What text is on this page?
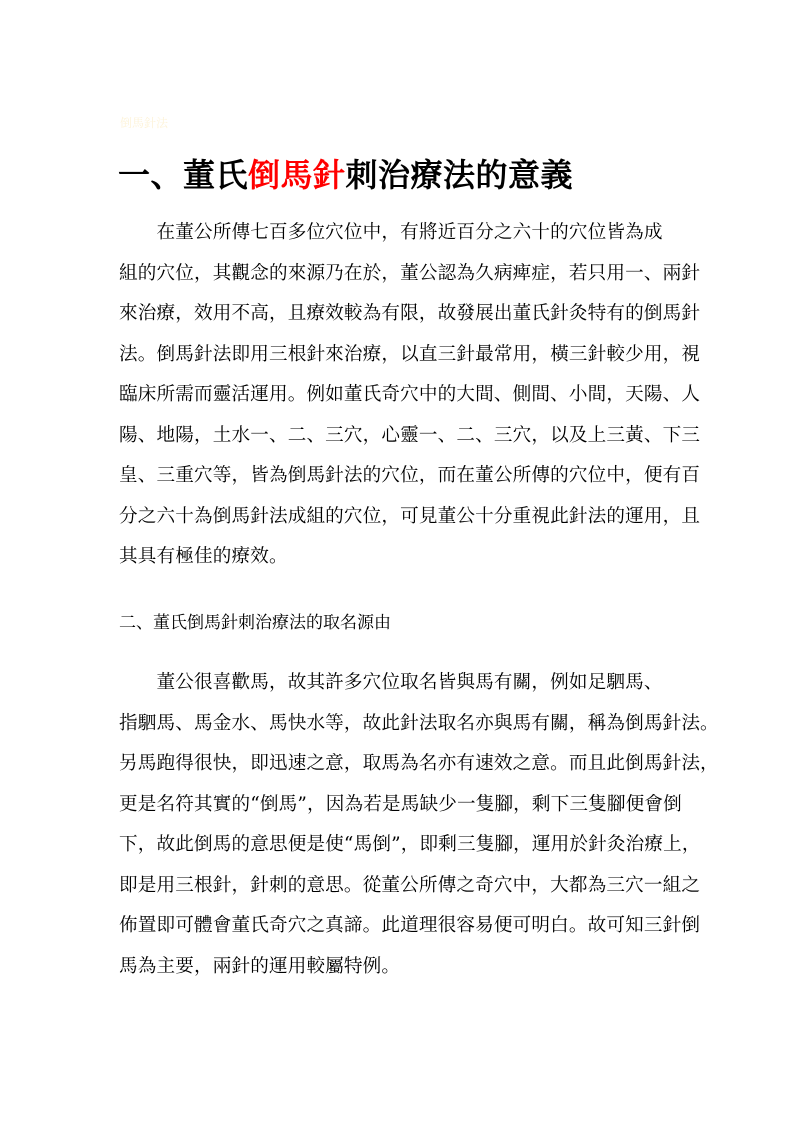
倒馬針法
一、董氏倒馬針刺治療法的意義
　　在董公所傳七百多位穴位中，有將近百分之六十的穴位皆為成
組的穴位，其觀念的來源乃在於，董公認為久病痺症，若只用一、兩針
來治療，效用不高，且療效較為有限，故發展出董氏針灸特有的倒馬針
法。倒馬針法即用三根針來治療，以直三針最常用，橫三針較少用，視
臨床所需而靈活運用。例如董氏奇穴中的大間、側間、小間，天陽、人
陽、地陽，土水一、二、三穴，心靈一、二、三穴，以及上三黃、下三
皇、三重穴等，皆為倒馬針法的穴位，而在董公所傳的穴位中，便有百
分之六十為倒馬針法成組的穴位，可見董公十分重視此針法的運用，且
其具有極佳的療效。
二、董氏倒馬針刺治療法的取名源由
　　董公很喜歡馬，故其許多穴位取名皆與馬有關，例如足駟馬、
指駟馬、馬金水、馬快水等，故此針法取名亦與馬有關，稱為倒馬針法。
另馬跑得很快，即迅速之意，取馬為名亦有速效之意。而且此倒馬針法，
更是名符其實的“倒馬”，因為若是馬缺少一隻腳，剩下三隻腳便會倒
下，故此倒馬的意思便是使“馬倒”，即剩三隻腳，運用於針灸治療上，
即是用三根針，針刺的意思。從董公所傳之奇穴中，大都為三穴一組之
佈置即可體會董氏奇穴之真諦。此道理很容易便可明白。故可知三針倒
馬為主要，兩針的運用較屬特例。
